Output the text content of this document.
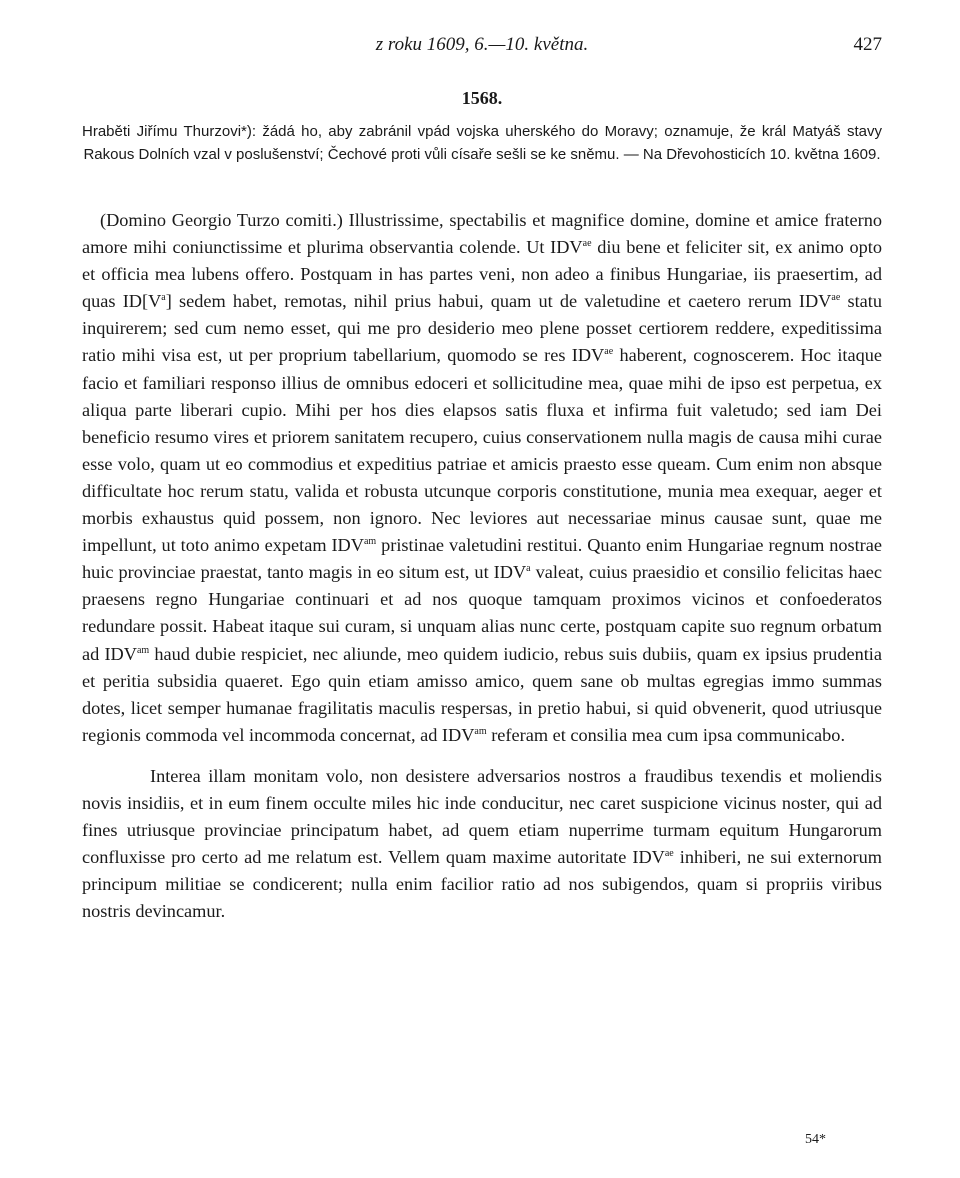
z roku 1609, 6.—10. května.	427
1568.
Hraběti Jiřímu Thurzovi*): žádá ho, aby zabránil vpád vojska uherského do Moravy; oznamuje, že král Matyáš stavy Rakous Dolních vzal v poslušenství; Čechové proti vůli císaře sešli se ke sněmu. — Na Dřevohosticích 10. května 1609.

(Domino Georgio Turzo comiti.) Illustrissime, spectabilis et magnifice domine, domine et amice fraterno amore mihi coniunctissime et plurima observantia colende. Ut $IDV^{ae}$ diu bene et feliciter sit, ex animo opto et officia mea lubens offero. Postquam in has partes veni, non adeo a finibus Hungariae, iis praesertim, ad quas $ID[V^a]$ sedem habet, remotas, nihil prius habui, quam ut de valetudine et caetero rerum $IDV^{ae}$ statu inquirerem; sed cum nemo esset, qui me pro desiderio meo plene posset certiorem reddere, expeditissima ratio mihi visa est, ut per proprium tabellarium, quomodo se res $IDV^{ae}$ haberent, cognoscerem. Hoc itaque facio et familiari responso illius de omnibus edoceri et sollicitudine mea, quae mihi de ipso est perpetua, ex aliqua parte liberari cupio. Mihi per hos dies elapsos satis fluxa et infirma fuit valetudo; sed iam Dei beneficio resumo vires et priorem sanitatem recupero, cuius conservationem nulla magis de causa mihi curae esse volo, quam ut eo commodius et expeditius patriae et amicis praesto esse queam. Cum enim non absque difficultate hoc rerum statu, valida et robusta utcunque corporis constitutione, munia mea exequar, aeger et morbis exhaustus quid possem, non ignoro. Nec leviores aut necessariae minus causae sunt, quae me impellunt, ut toto animo expetam $IDV^{am}$ pristinae valetudini restitui. Quanto enim Hungariae regnum nostrae huic provinciae praestat, tanto magis in eo situm est, ut IDV$^a$ valeat, cuius praesidio et consilio felicitas haec praesens regno Hungariae continuari et ad nos quoque tamquam proximos vicinos et confoederatos redundare possit. Habeat itaque sui curam, si unquam alias nunc certe, postquam capite suo regnum orbatum ad $IDV^{am}$ haud dubie respiciet, nec aliunde, meo quidem iudicio, rebus suis dubiis, quam ex ipsius prudentia et peritia subsidia quaeret. Ego quin etiam amisso amico, quem sane ob multas egregias immo summas dotes, licet semper humanae fragilitatis maculis respersas, in pretio habui, si quid obvenerit, quod utriusque regionis commoda vel incommoda concernat, ad $IDV^{am}$ referam et consilia mea cum ipsa communicabo.

Interea illam monitam volo, non desistere adversarios nostros a fraudibus texendis et moliendis novis insidiis, et in eum finem occulte miles hic inde conducitur, nec caret suspicione vicinus noster, qui ad fines utriusque provinciae principatum habet, ad quem etiam nuperrime turmam equitum Hungarorum confluxisse pro certo ad me relatum est. Vellem quam maxime autoritate $IDV^{ae}$ inhiberi, ne sui externorum principum militiae se condicerent; nulla enim facilior ratio ad nos subigendos, quam si propriis viribus nostris devincamur.

54*
